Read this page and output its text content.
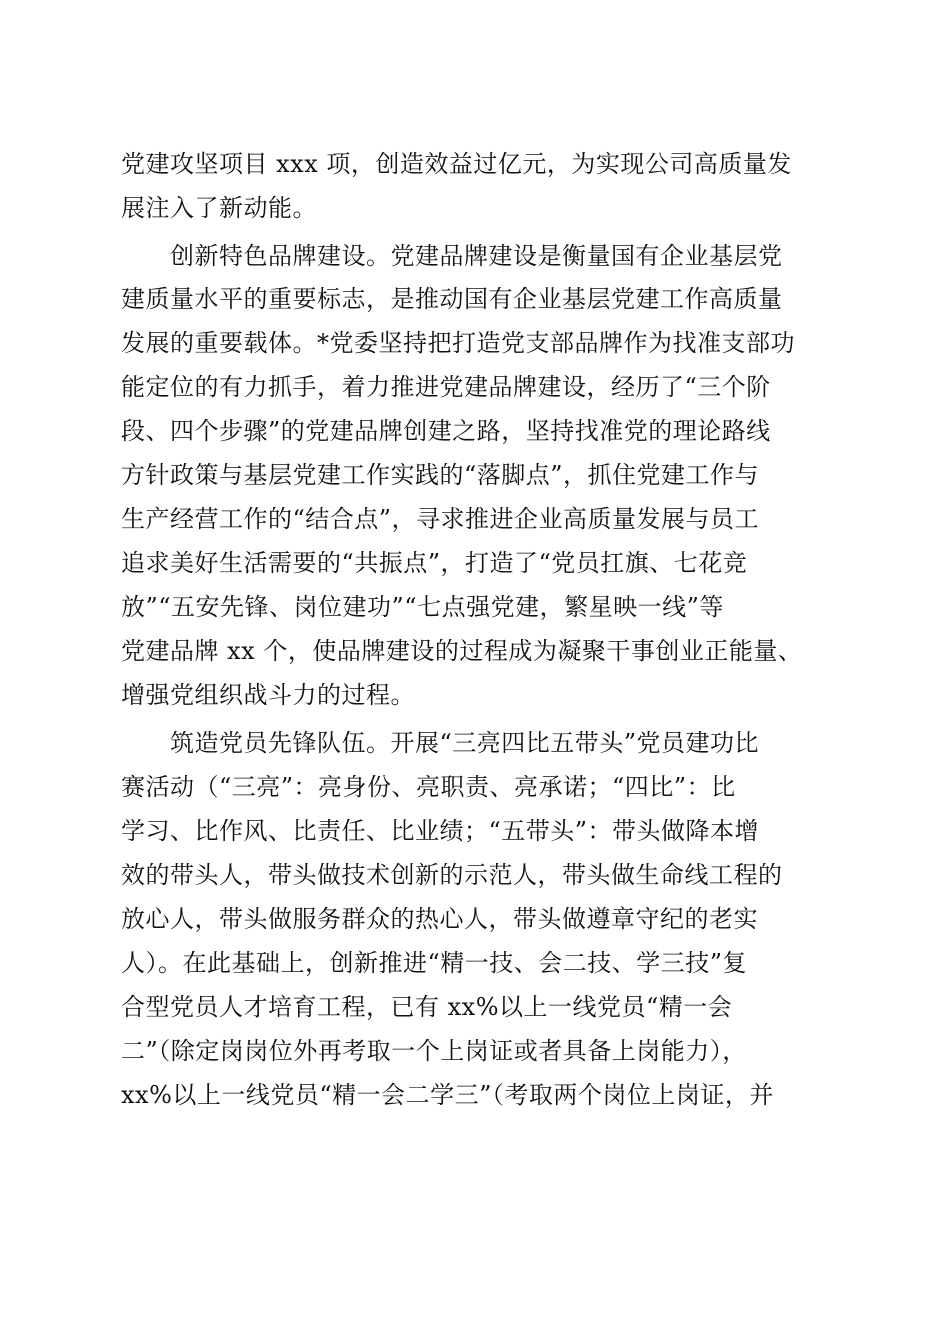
党建攻坚项目 xxx 项，创造效益过亿元，为实现公司高质量发
展注入了新动能。
创新特色品牌建设。党建品牌建设是衡量国有企业基层党
建质量水平的重要标志，是推动国有企业基层党建工作高质量
发展的重要载体。*党委坚持把打造党支部品牌作为找准支部功
能定位的有力抓手，着力推进党建品牌建设，经历了“三个阶
段、四个步骤”的党建品牌创建之路，坚持找准党的理论路线
方针政策与基层党建工作实践的“落脚点”，抓住党建工作与
生产经营工作的“结合点”，寻求推进企业高质量发展与员工
追求美好生活需要的“共振点”，打造了“党员扛旗、七花竞
放”“五安先锋、岗位建功”“七点强党建，繁星映一线”等
党建品牌 xx 个，使品牌建设的过程成为凝聚干事创业正能量、
增强党组织战斗力的过程。
筑造党员先锋队伍。开展“三亮四比五带头”党员建功比
赛活动（“三亮”：亮身份、亮职责、亮承诺；“四比”：比
学习、比作风、比责任、比业绩；“五带头”：带头做降本增
效的带头人，带头做技术创新的示范人，带头做生命线工程的
放心人，带头做服务群众的热心人，带头做遵章守纪的老实
人）。在此基础上，创新推进“精一技、会二技、学三技”复
合型党员人才培育工程，已有 xx%以上一线党员“精一会
二”（除定岗岗位外再考取一个上岗证或者具备上岗能力），
xx%以上一线党员“精一会二学三”（考取两个岗位上岗证，并
